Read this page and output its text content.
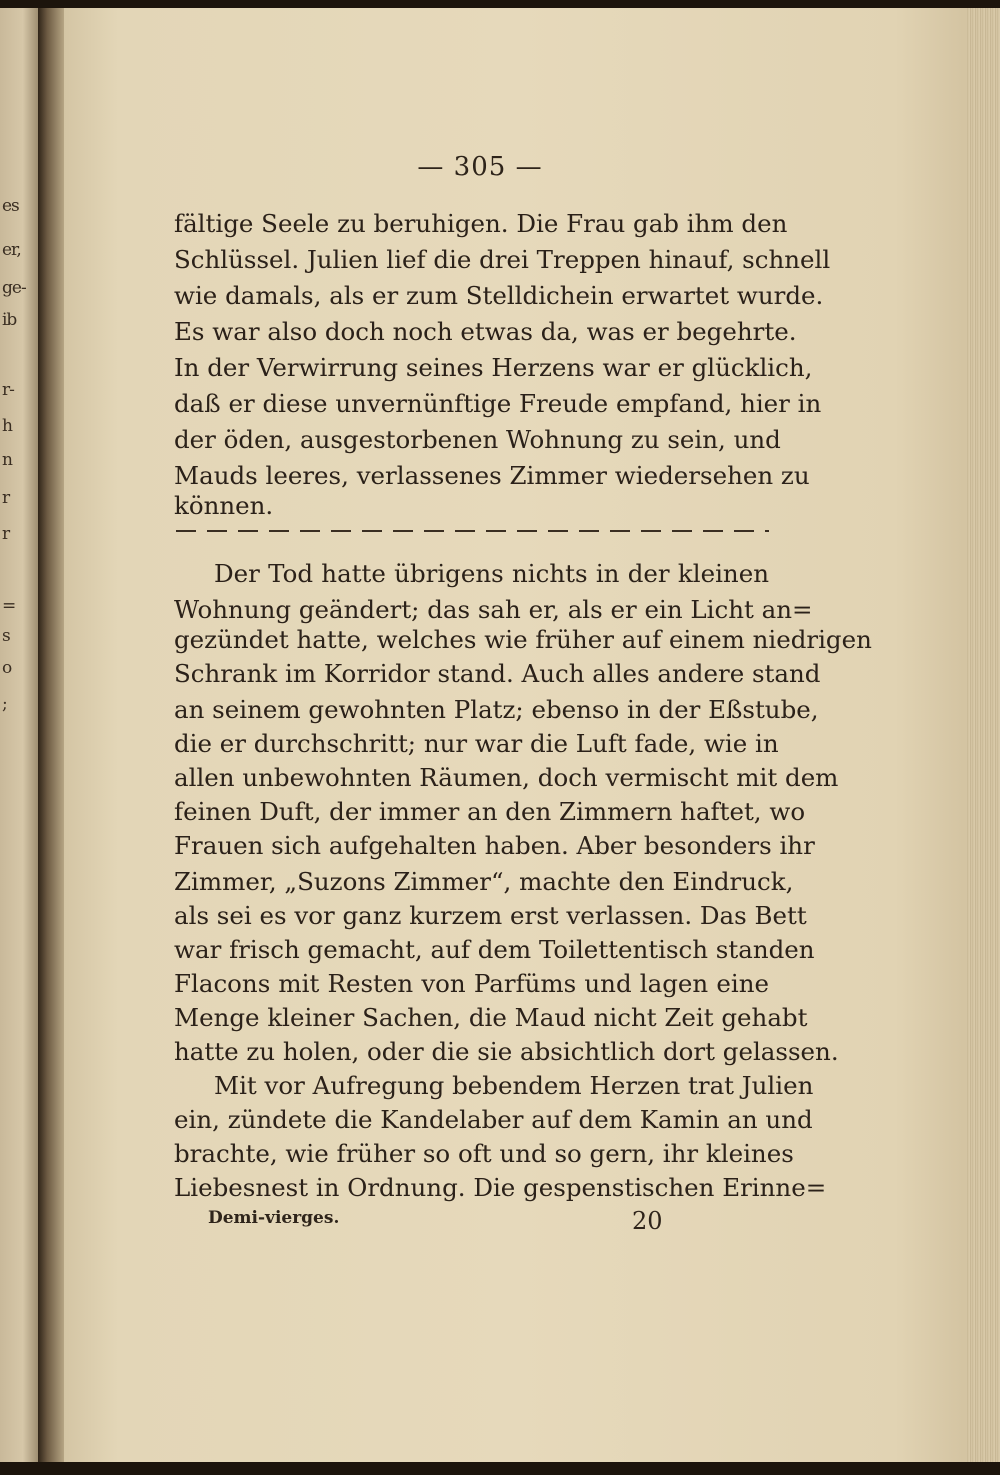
es
er,
ge-
ib
r-
h
n
r
r
=
s
o
;
— 305 —
fältige Seele zu beruhigen. Die Frau gab ihm den
Schlüssel. Julien lief die drei Treppen hinauf, schnell
wie damals, als er zum Stelldichein erwartet wurde.
Es war also doch noch etwas da, was er begehrte.
In der Verwirrung seines Herzens war er glücklich,
daß er diese unvernünftige Freude empfand, hier in
der öden, ausgestorbenen Wohnung zu sein, und
Mauds leeres, verlassenes Zimmer wiedersehen zu
können.
Der Tod hatte übrigens nichts in der kleinen
Wohnung geändert; das sah er, als er ein Licht an=
gezündet hatte, welches wie früher auf einem niedrigen
Schrank im Korridor stand. Auch alles andere stand
an seinem gewohnten Platz; ebenso in der Eßstube,
die er durchschritt; nur war die Luft fade, wie in
allen unbewohnten Räumen, doch vermischt mit dem
feinen Duft, der immer an den Zimmern haftet, wo
Frauen sich aufgehalten haben. Aber besonders ihr
Zimmer, „Suzons Zimmer“, machte den Eindruck,
als sei es vor ganz kurzem erst verlassen. Das Bett
war frisch gemacht, auf dem Toilettentisch standen
Flacons mit Resten von Parfüms und lagen eine
Menge kleiner Sachen, die Maud nicht Zeit gehabt
hatte zu holen, oder die sie absichtlich dort gelassen.
Mit vor Aufregung bebendem Herzen trat Julien
ein, zündete die Kandelaber auf dem Kamin an und
brachte, wie früher so oft und so gern, ihr kleines
Liebesnest in Ordnung. Die gespenstischen Erinne=
Demi-vierges.	20
